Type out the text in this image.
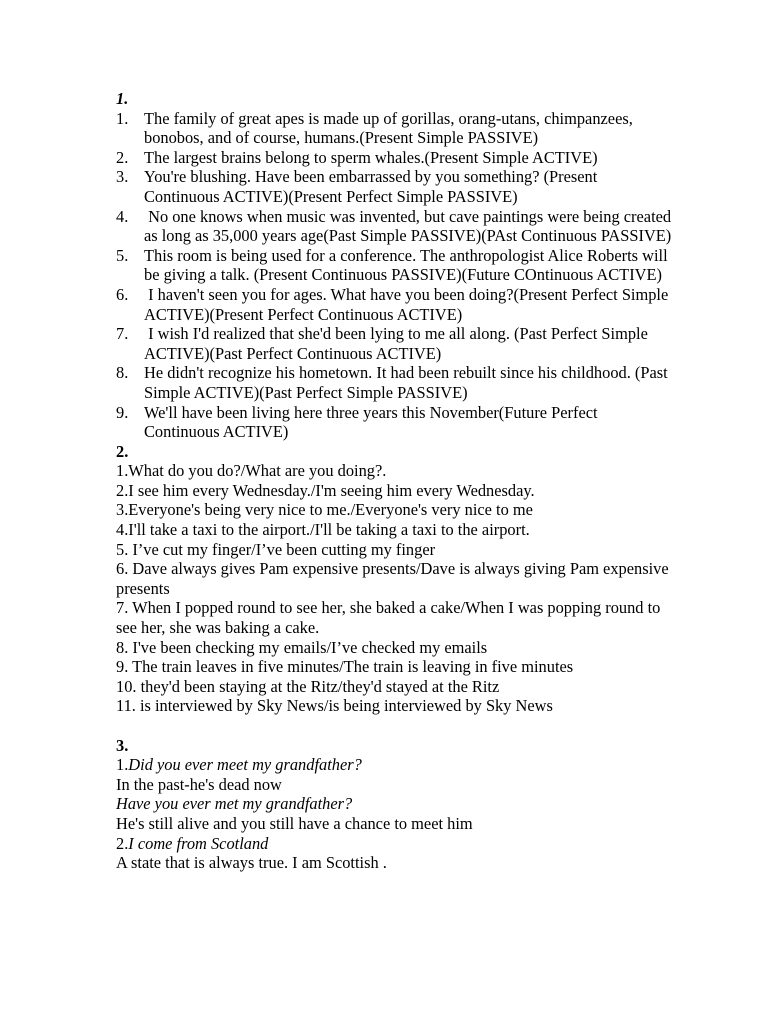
1.
1. The family of great apes is made up of gorillas, orang-utans, chimpanzees, bonobos, and of course, humans.(Present Simple PASSIVE)
2. The largest brains belong to sperm whales.(Present Simple ACTIVE)
3. You're blushing. Have been embarrassed by you something? (Present Continuous ACTIVE)(Present Perfect Simple PASSIVE)
4. No one knows when music was invented, but cave paintings were being created as long as 35,000 years age(Past Simple PASSIVE)(PAst Continuous PASSIVE)
5. This room is being used for a conference. The anthropologist Alice Roberts will be giving a talk. (Present Continuous PASSIVE)(Future COntinuous ACTIVE)
6. I haven't seen you for ages. What have you been doing?(Present Perfect Simple ACTIVE)(Present Perfect Continuous ACTIVE)
7. I wish I'd realized that she'd been lying to me all along. (Past Perfect Simple ACTIVE)(Past Perfect Continuous ACTIVE)
8. He didn't recognize his hometown. It had been rebuilt since his childhood. (Past Simple ACTIVE)(Past Perfect Simple PASSIVE)
9. We'll have been living here three years this November(Future Perfect Continuous ACTIVE)
2.
1.What do you do?/What are you doing?.
2.I see him every Wednesday./I'm seeing him every Wednesday.
3.Everyone's being very nice to me./Everyone's very nice to me
4.I'll take a taxi to the airport./I'll be taking a taxi to the airport.
5. I’ve cut my finger/I’ve been cutting my finger
6. Dave always gives Pam expensive presents/Dave is always giving Pam expensive presents
7. When I popped round to see her, she baked a cake/When I was popping round to see her, she was baking a cake.
8. I've been checking my emails/I’ve checked my emails
9. The train leaves in five minutes/The train is leaving in five minutes
10. they'd been staying at the Ritz/they'd stayed at the Ritz
11. is interviewed by Sky News/is being interviewed by Sky News
3.
1.Did you ever meet my grandfather?
In the past-he's dead now
Have you ever met my grandfather?
He's still alive and you still have a chance to meet him
2.I come from Scotland
A state that is always true. I am Scottish .
